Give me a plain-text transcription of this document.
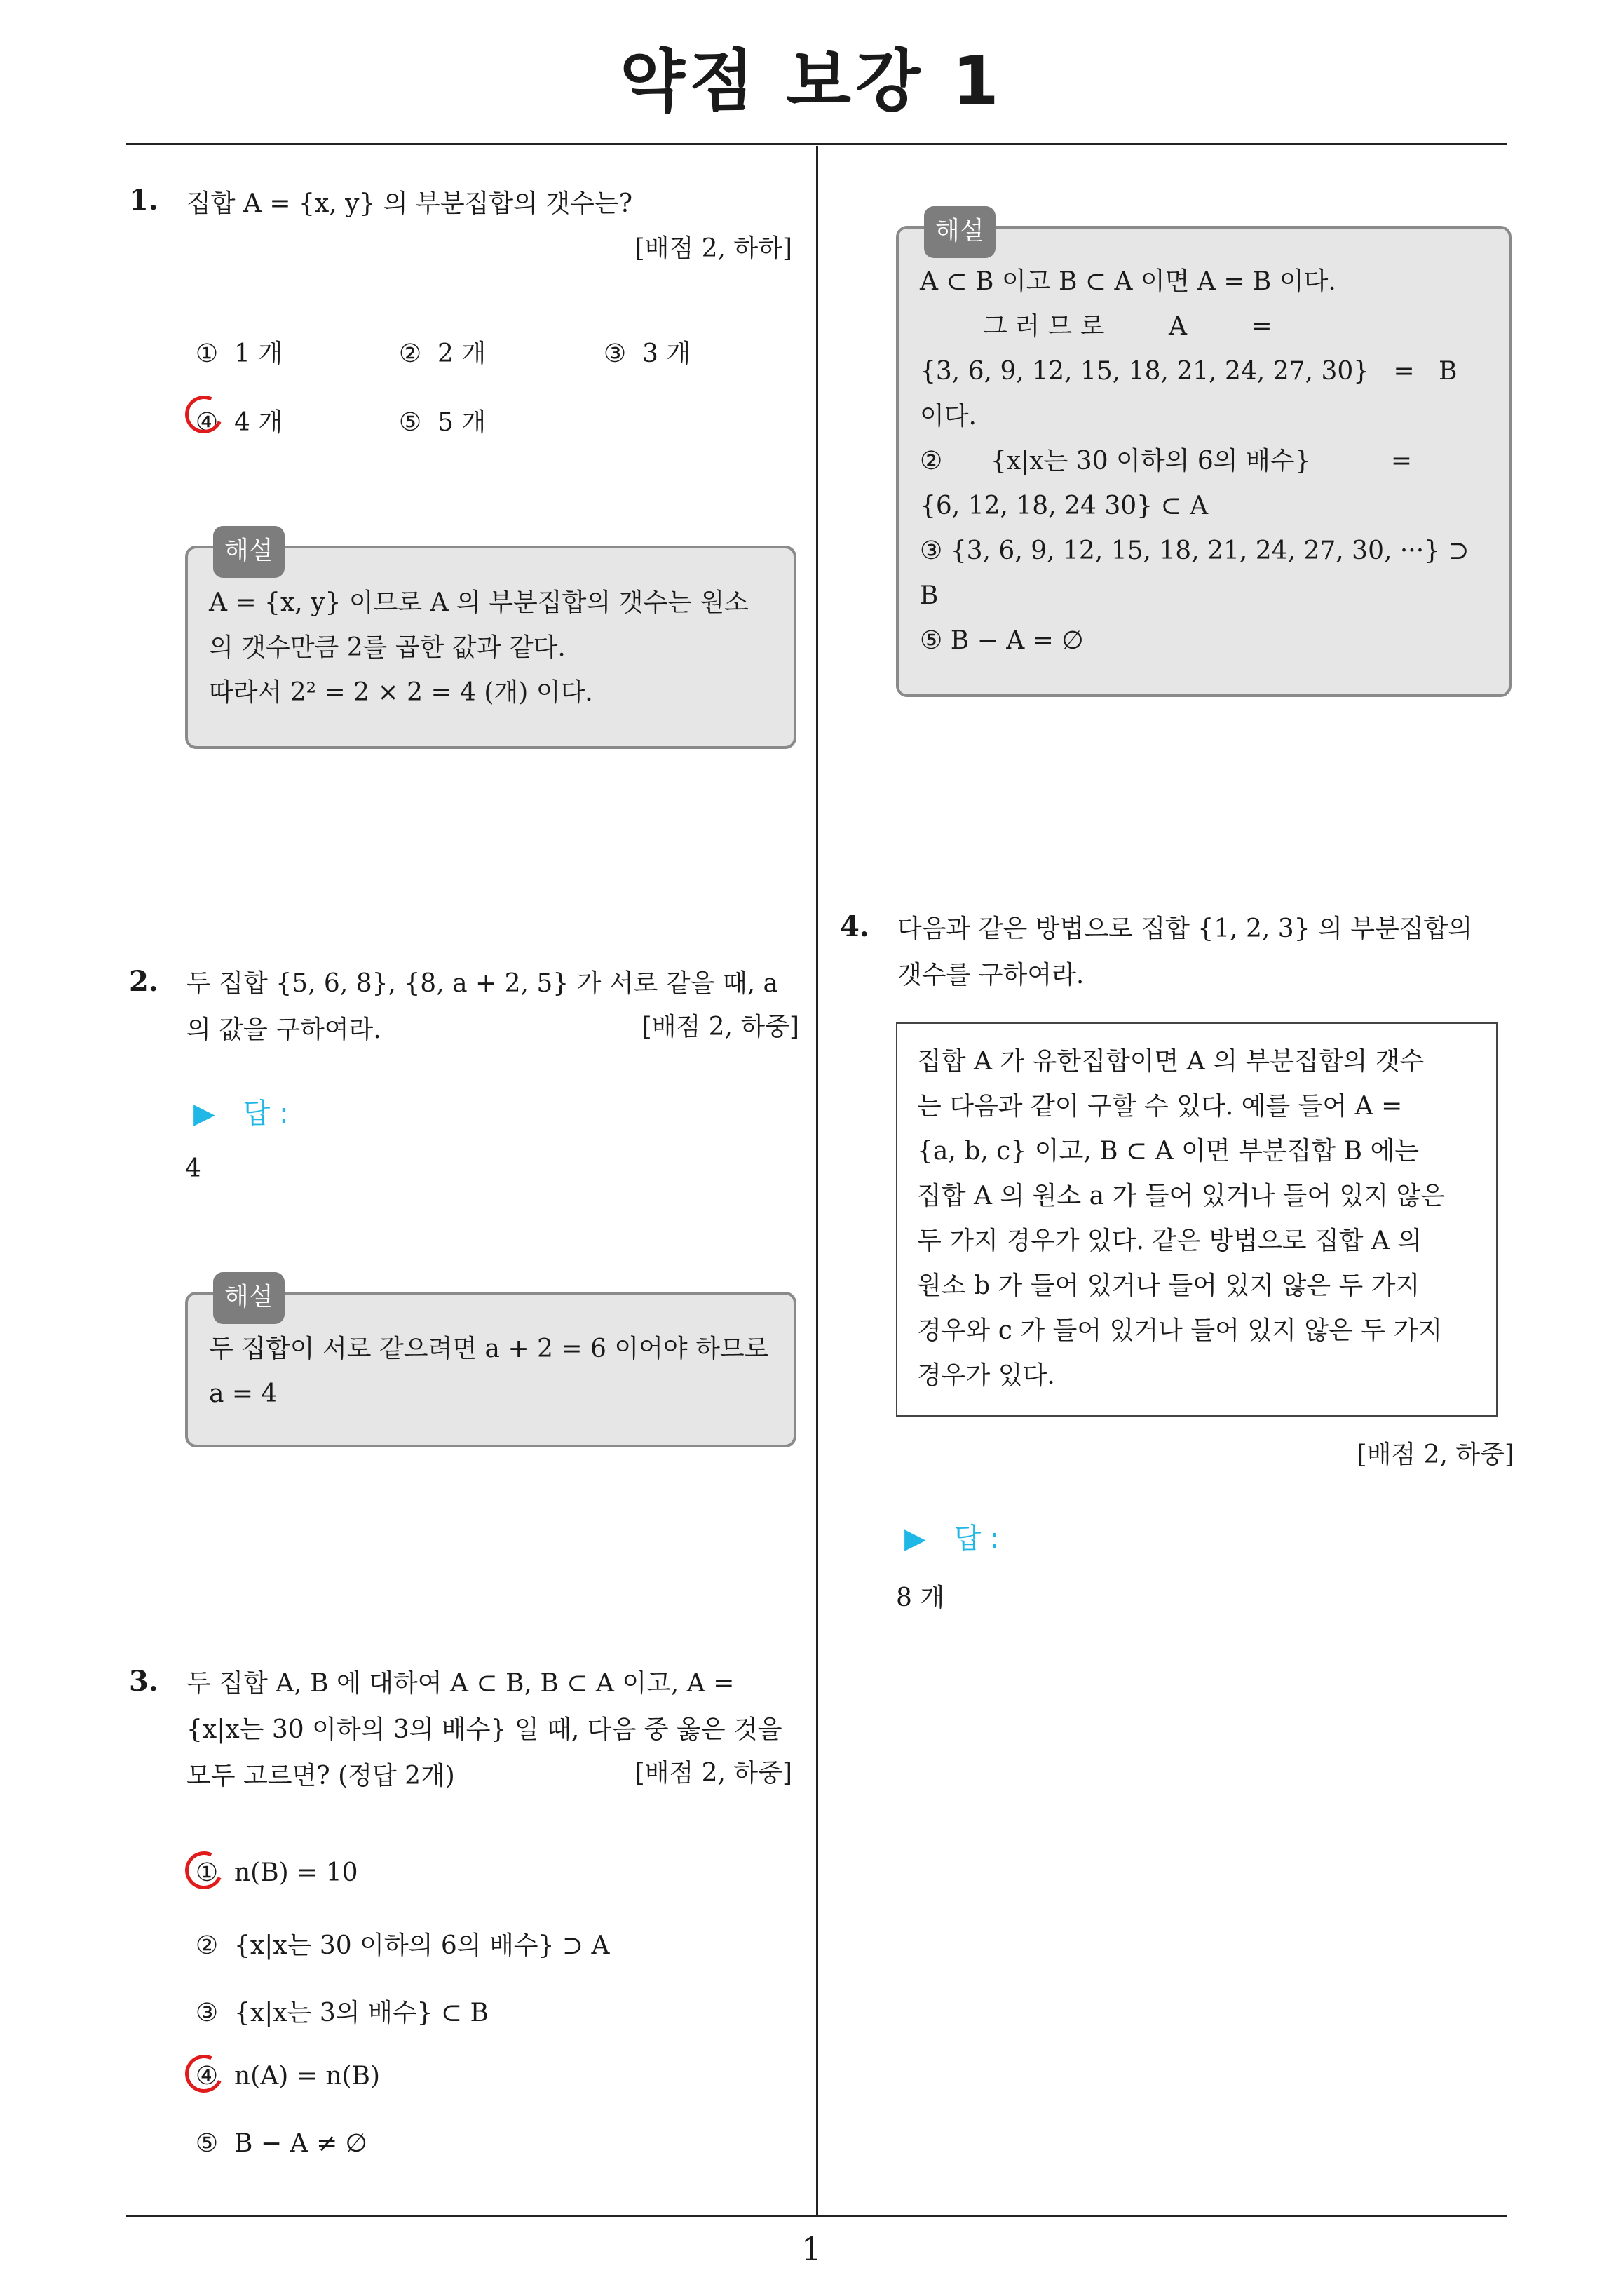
약점 보강 1
1
1. 집합 A = {x, y} 의 부분집합의 갯수는?
[배점 2, 하하]
① 1 개	② 2 개	③ 3 개
④ 4 개	⑤ 5 개
해설
A = {x, y} 이므로 A 의 부분집합의 갯수는 원소
의 갯수만큼 2를 곱한 값과 같다.
따라서 2² = 2 × 2 = 4 (개) 이다.
2. 두 집합 {5, 6, 8}, {8, a + 2, 5} 가 서로 같을 때, a
의 값을 구하여라.	[배점 2, 하중]
▶ 답 :
4
해설
두 집합이 서로 같으려면 a + 2 = 6 이어야 하므로
a = 4
3. 두 집합 A, B 에 대하여 A ⊂ B, B ⊂ A 이고, A =
{x|x는 30 이하의 3의 배수} 일 때, 다음 중 옳은 것을
모두 고르면? (정답 2개)	[배점 2, 하중]
① n(B) = 10
② {x|x는 30 이하의 6의 배수} ⊃ A
③ {x|x는 3의 배수} ⊂ B
④ n(A) = n(B)
⑤ B − A ≠ ∅
해설
A ⊂ B 이고 B ⊂ A 이면 A = B 이다.
그 러 므 로        A        =
{3, 6, 9, 12, 15, 18, 21, 24, 27, 30}   =   B
이다.
②      {x|x는 30 이하의 6의 배수}          =
{6, 12, 18, 24 30} ⊂ A
③ {3, 6, 9, 12, 15, 18, 21, 24, 27, 30, ···} ⊃
B
⑤ B − A = ∅
4. 다음과 같은 방법으로 집합 {1, 2, 3} 의 부분집합의
갯수를 구하여라.
집합 A 가 유한집합이면 A 의 부분집합의 갯수
는 다음과 같이 구할 수 있다. 예를 들어 A =
{a, b, c} 이고, B ⊂ A 이면 부분집합 B 에는
집합 A 의 원소 a 가 들어 있거나 들어 있지 않은
두 가지 경우가 있다. 같은 방법으로 집합 A 의
원소 b 가 들어 있거나 들어 있지 않은 두 가지
경우와 c 가 들어 있거나 들어 있지 않은 두 가지
경우가 있다.
[배점 2, 하중]
▶ 답 :
8 개
